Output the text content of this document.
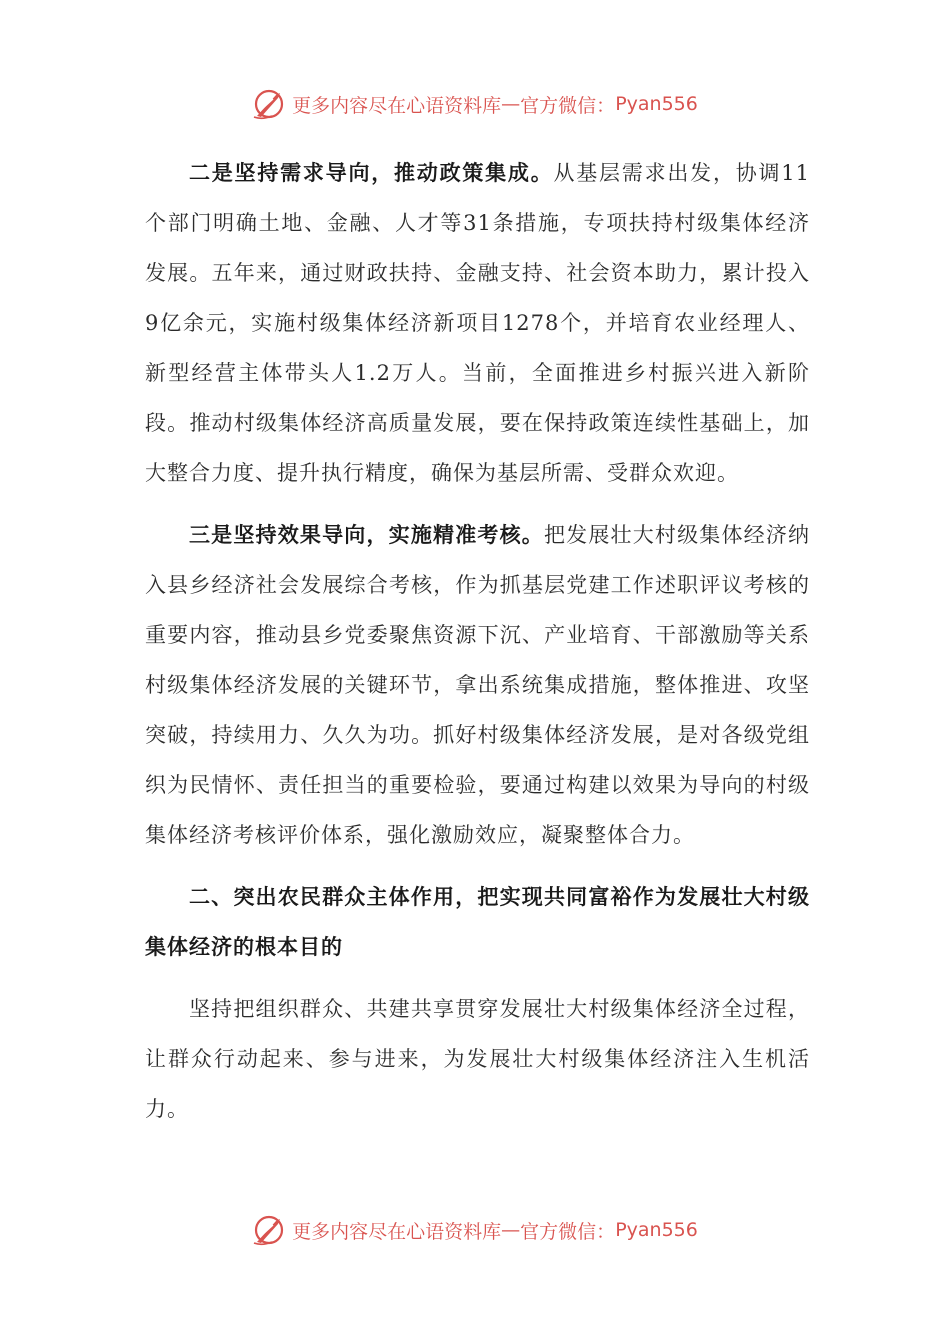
更多内容尽在心语资料库 — 官方微信： Pyan556

二是坚持需求导向，推动政策集成。从基层需求出发，协调11个部门明确土地、金融、人才等31条措施，专项扶持村级集体经济发展。五年来，通过财政扶持、金融支持、社会资本助力，累计投入9亿余元，实施村级集体经济新项目1278个，并培育农业经理人、新型经营主体带头人1.2万人。当前，全面推进乡村振兴进入新阶段。推动村级集体经济高质量发展，要在保持政策连续性基础上，加大整合力度、提升执行精度，确保为基层所需、受群众欢迎。

三是坚持效果导向，实施精准考核。把发展壮大村级集体经济纳入县乡经济社会发展综合考核，作为抓基层党建工作述职评议考核的重要内容，推动县乡党委聚焦资源下沉、产业培育、干部激励等关系村级集体经济发展的关键环节，拿出系统集成措施，整体推进、攻坚突破，持续用力、久久为功。抓好村级集体经济发展，是对各级党组织为民情怀、责任担当的重要检验，要通过构建以效果为导向的村级集体经济考核评价体系，强化激励效应，凝聚整体合力。

二、突出农民群众主体作用，把实现共同富裕作为发展壮大村级集体经济的根本目的

坚持把组织群众、共建共享贯穿发展壮大村级集体经济全过程，让群众行动起来、参与进来，为发展壮大村级集体经济注入生机活力。

更多内容尽在心语资料库 — 官方微信： Pyan556
